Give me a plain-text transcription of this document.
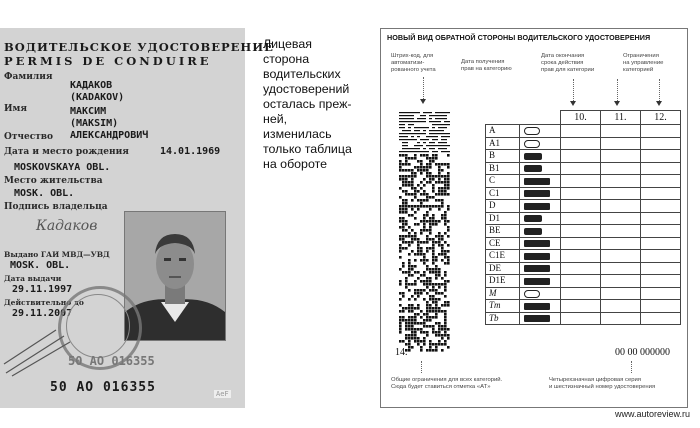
ВОДИТЕЛЬСКОЕ УДОСТОВЕРЕНИЕ
PERMIS DE CONDUIRE
Фамилия
КАДАКОВ
(KADAKOV)
Имя	МАКСИМ
(MAKSIM)
Отчество АЛЕКСАНДРОВИЧ
Дата и место рождения	14.01.1969
MOSKOVSKAYA OBL.
Место жительства
MOSK. OBL.
Подпись владельца
Кадаков
Выдано ГАИ МВД—УВД
MOSK. OBL.
Дата выдачи
29.11.1997
Действительно до
29.11.2007
50 AO 016355
50 AO 016355	AeF
Лицевая
сторона
водительских
удостоверений
осталась преж-
ней,
изменилась
только таблица
на обороте
НОВЫЙ ВИД ОБРАТНОЙ СТОРОНЫ ВОДИТЕЛЬСКОГО УДОСТОВЕРЕНИЯ
Штрих-код, для
автоматизи-
рованного учета
Дата получения
прав на категорию
Дата окончания
срока действия
прав для категории
Ограничения
на управление
категорией
		10.	11.	12.
A				
A1				
B				
B1				
C				
C1				
D				
D1				
BE				
CE				
C1E				
DE				
D1E				
M				
Tm				
Tb				
14.	00 00 000000
Общие ограничения для всех категорий.
Сюда будет ставиться отметка «AT»
Четырехзначная цифровая серия
и шестизначный номер удостоверения
www.autoreview.ru
